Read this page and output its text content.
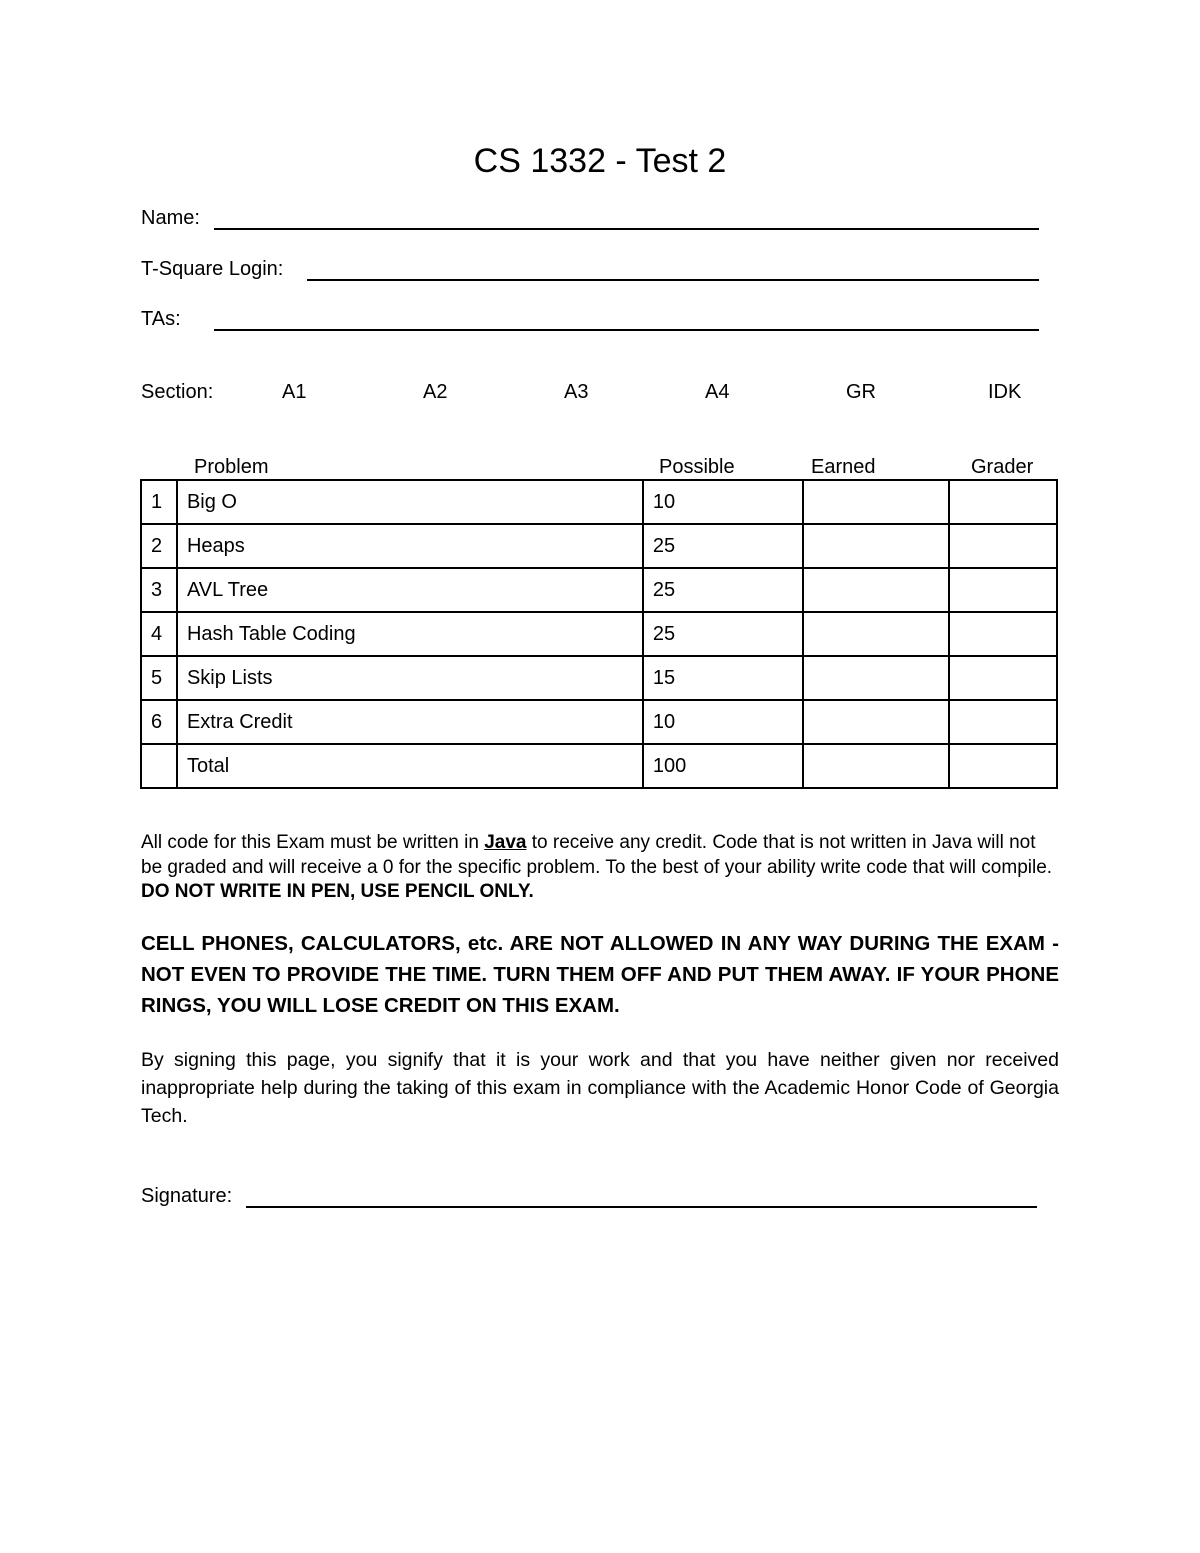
CS 1332 - Test 2
Name:
T-Square Login:
TAs:
Section:	A1	A2	A3	A4	GR	IDK
Problem	Possible	Earned	Grader
1	Big O	10		
2	Heaps	25		
3	AVL Tree	25		
4	Hash Table Coding	25		
5	Skip Lists	15		
6	Extra Credit	10		
	Total	100		
All code for this Exam must be written in Java to receive any credit. Code that is not written in Java will not be graded and will receive a 0 for the specific problem. To the best of your ability write code that will compile. DO NOT WRITE IN PEN, USE PENCIL ONLY.
CELL PHONES, CALCULATORS, etc. ARE NOT ALLOWED IN ANY WAY DURING THE EXAM - NOT EVEN TO PROVIDE THE TIME. TURN THEM OFF AND PUT THEM AWAY. IF YOUR PHONE RINGS, YOU WILL LOSE CREDIT ON THIS EXAM.
By signing this page, you signify that it is your work and that you have neither given nor received inappropriate help during the taking of this exam in compliance with the Academic Honor Code of Georgia Tech.
Signature:
